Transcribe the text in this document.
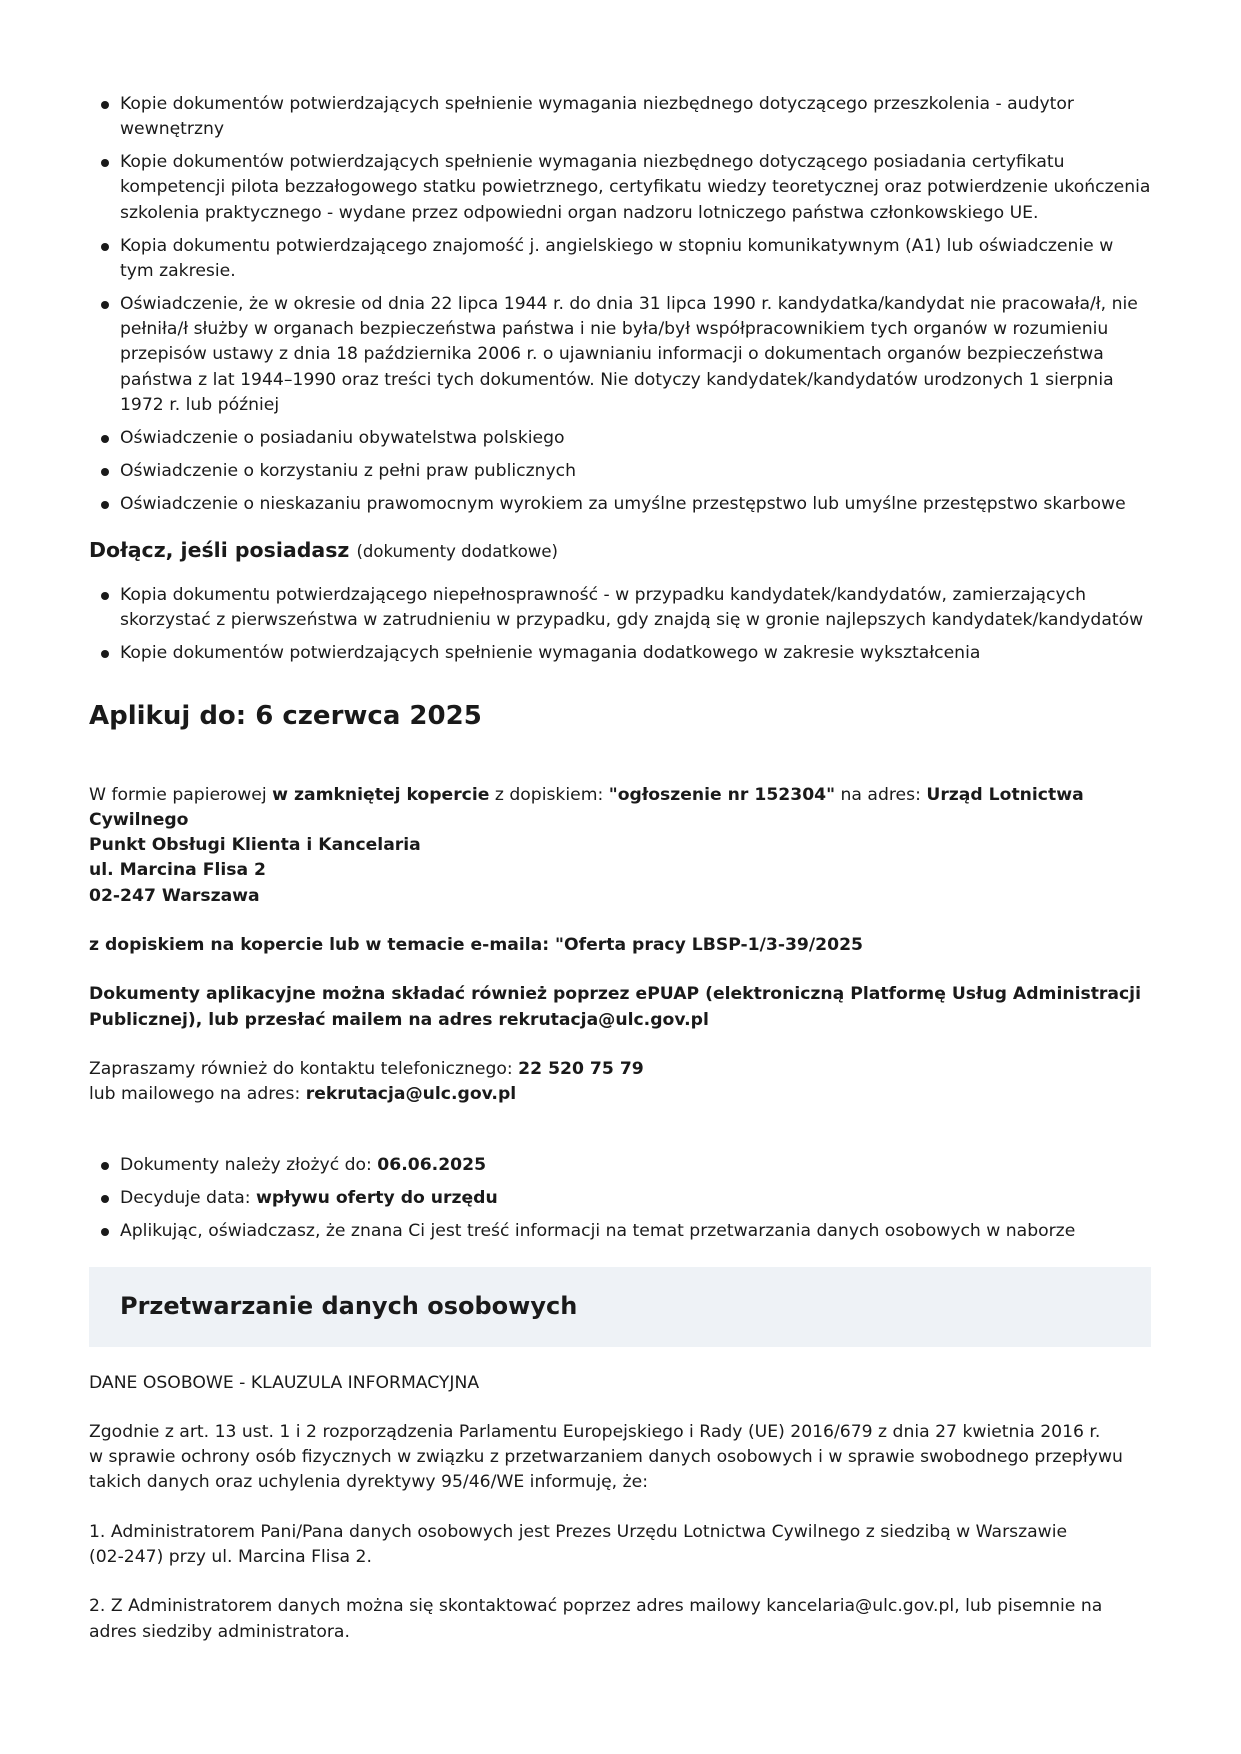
Kopie dokumentów potwierdzających spełnienie wymagania niezbędnego dotyczącego przeszkolenia - audytor wewnętrzny
Kopie dokumentów potwierdzających spełnienie wymagania niezbędnego dotyczącego posiadania certyfikatu kompetencji pilota bezzałogowego statku powietrznego, certyfikatu wiedzy teoretycznej oraz potwierdzenie ukończenia szkolenia praktycznego - wydane przez odpowiedni organ nadzoru lotniczego państwa członkowskiego UE.
Kopia dokumentu potwierdzającego znajomość j. angielskiego w stopniu komunikatywnym (A1) lub oświadczenie w tym zakresie.
Oświadczenie, że w okresie od dnia 22 lipca 1944 r. do dnia 31 lipca 1990 r. kandydatka/kandydat nie pracowała/ł, nie pełniła/ł służby w organach bezpieczeństwa państwa i nie była/był współpracownikiem tych organów w rozumieniu przepisów ustawy z dnia 18 października 2006 r. o ujawnianiu informacji o dokumentach organów bezpieczeństwa państwa z lat 1944–1990 oraz treści tych dokumentów. Nie dotyczy kandydatek/kandydatów urodzonych 1 sierpnia 1972 r. lub później
Oświadczenie o posiadaniu obywatelstwa polskiego
Oświadczenie o korzystaniu z pełni praw publicznych
Oświadczenie o nieskazaniu prawomocnym wyrokiem za umyślne przestępstwo lub umyślne przestępstwo skarbowe
Dołącz, jeśli posiadasz (dokumenty dodatkowe)
Kopia dokumentu potwierdzającego niepełnosprawność - w przypadku kandydatek/kandydatów, zamierzających skorzystać z pierwszeństwa w zatrudnieniu w przypadku, gdy znajdą się w gronie najlepszych kandydatek/kandydatów
Kopie dokumentów potwierdzających spełnienie wymagania dodatkowego w zakresie wykształcenia
Aplikuj do: 6 czerwca 2025

W formie papierowej w zamkniętej kopercie z dopiskiem: "ogłoszenie nr 152304" na adres: Urząd Lotnictwa Cywilnego
Punkt Obsługi Klienta i Kancelaria
ul. Marcina Flisa 2
02-247 Warszawa

z dopiskiem na kopercie lub w temacie e-maila: "Oferta pracy LBSP-1/3-39/2025

Dokumenty aplikacyjne można składać również poprzez ePUAP (elektroniczną Platformę Usług Administracji Publicznej), lub przesłać mailem na adres rekrutacja@ulc.gov.pl

Zapraszamy również do kontaktu telefonicznego: 22 520 75 79
lub mailowego na adres: rekrutacja@ulc.gov.pl

Dokumenty należy złożyć do: 06.06.2025
Decyduje data: wpływu oferty do urzędu
Aplikując, oświadczasz, że znana Ci jest treść informacji na temat przetwarzania danych osobowych w naborze
Przetwarzanie danych osobowych

DANE OSOBOWE - KLAUZULA INFORMACYJNA

Zgodnie z art. 13 ust. 1 i 2 rozporządzenia Parlamentu Europejskiego i Rady (UE) 2016/679 z dnia 27 kwietnia 2016 r.
w sprawie ochrony osób fizycznych w związku z przetwarzaniem danych osobowych i w sprawie swobodnego przepływu takich danych oraz uchylenia dyrektywy 95/46/WE informuję, że:

1. Administratorem Pani/Pana danych osobowych jest Prezes Urzędu Lotnictwa Cywilnego z siedzibą w Warszawie
(02-247) przy ul. Marcina Flisa 2.

2. Z Administratorem danych można się skontaktować poprzez adres mailowy kancelaria@ulc.gov.pl, lub pisemnie na adres siedziby administratora.
